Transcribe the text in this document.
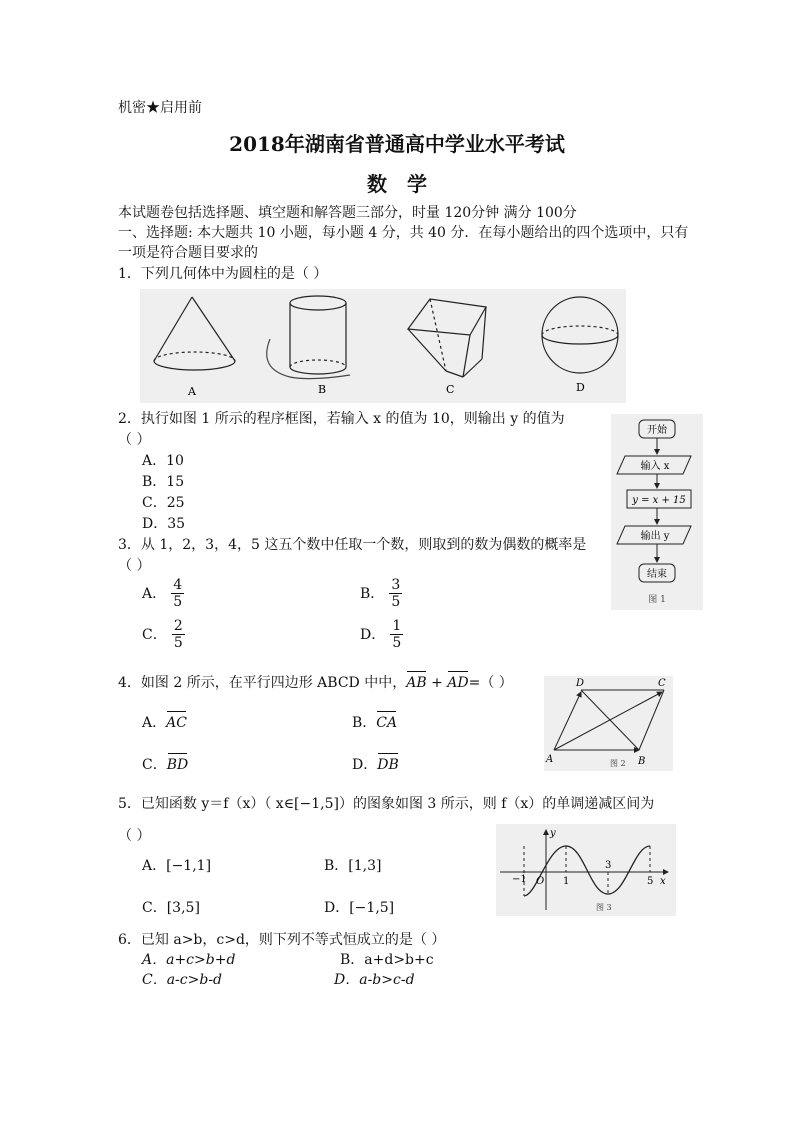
机密★启用前
2018年湖南省普通高中学业水平考试
数学
本试题卷包括选择题、填空题和解答题三部分，时量 120分钟 满分 100分
一、选择题: 本大题共 10 小题，每小题 4 分，共 40 分．在每小题给出的四个选项中，只有
一项是符合题目要求的
1．下列几何体中为圆柱的是（ ）
A	B	C	D
2．执行如图 1 所示的程序框图，若输入 x 的值为 10，则输出 y 的值为
（ ）
A．10
B．15
C．25
D．35
开始
输入 x
y = x + 15
输出 y
结束
图 1
3．从 1，2，3，4，5 这五个数中任取一个数，则取到的数为偶数的概率是
（ ）
A． $\frac{4}{5}$	B． $\frac{3}{5}$
C． $\frac{2}{5}$	D． $\frac{1}{5}$
4．如图 2 所示，在平行四边形 ABCD 中中，AB + AD=（ ）
A．AC	B．CA
C．BD	D．DB	A	B
C
D
图 2
5．已知函数 y＝f（x）（ x∈[−1,5]）的图象如图 3 所示，则 f（x）的单调递减区间为
（ ）
A．[−1,1]	B．[1,3]
C．[3,5]	D．[−1,5]
y
x
O
−1	1
3
5
图 3
6．已知 a>b，c>d，则下列不等式恒成立的是（ ）
A．a+c>b+d	B．a+d>b+c
C．a-c>b-d	D．a-b>c-d
